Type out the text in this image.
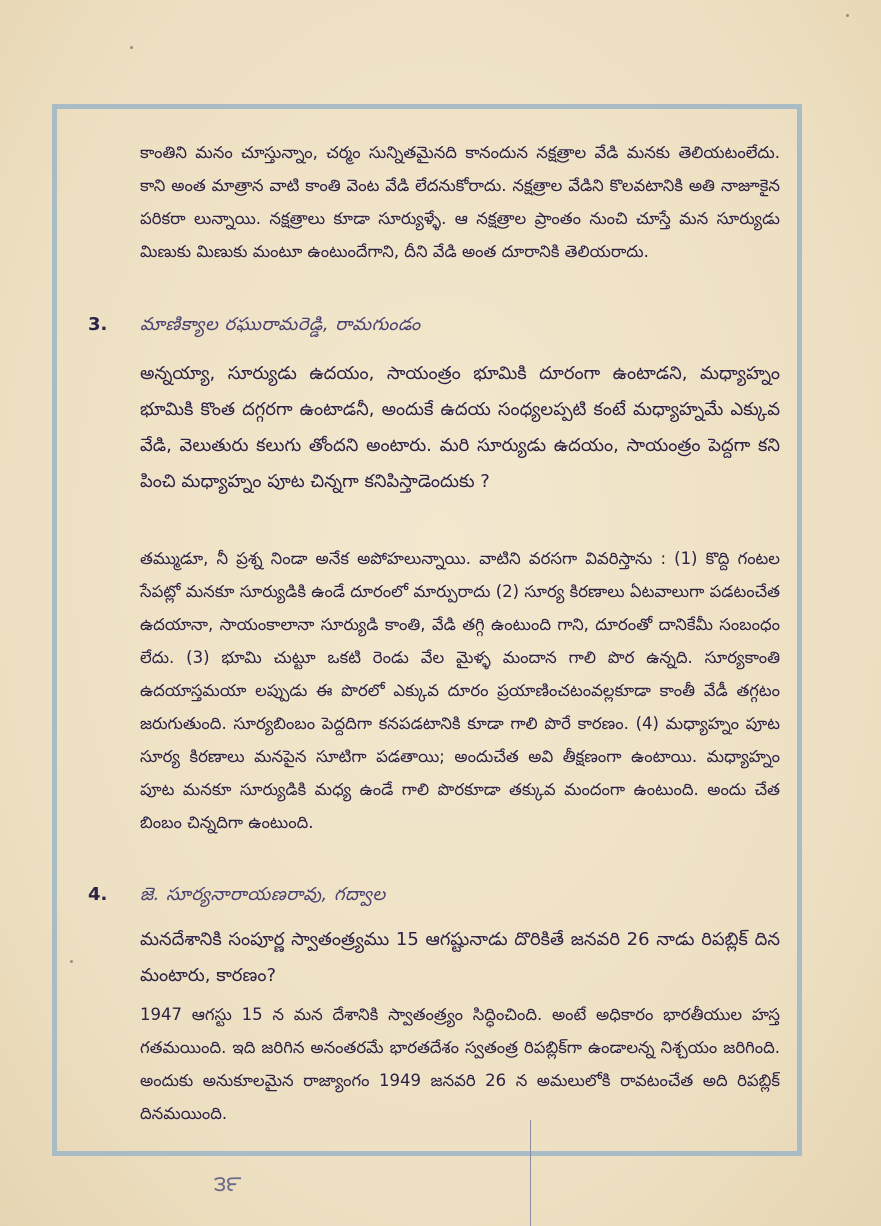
కాంతిని మనం చూస్తున్నాం, చర్మం సున్నితమైనది కానందున నక్షత్రాల వేడి మనకు తెలియటంలేదు. కాని అంత మాత్రాన వాటి కాంతి వెంట వేడి లేదనుకోరాదు. నక్షత్రాల వేడిని కొలవటానికి అతి నాజూకైన పరికరా లున్నాయి. నక్షత్రాలు కూడా సూర్యుళ్ళే. ఆ నక్షత్రాల ప్రాంతం నుంచి చూస్తే మన సూర్యుడు మిణుకు మిణుకు మంటూ ఉంటుందేగాని, దీని వేడి అంత దూరానికి తెలియరాదు.

3. మాణిక్యాల రఘురామరెడ్డి, రామగుండం

అన్నయ్యా, సూర్యుడు ఉదయం, సాయంత్రం భూమికి దూరంగా ఉంటాడని, మధ్యాహ్నం భూమికి కొంత దగ్గరగా ఉంటాడనీ, అందుకే ఉదయ సంధ్యలప్పటి కంటే మధ్యాహ్నమే ఎక్కువ వేడి, వెలుతురు కలుగు తోందని అంటారు. మరి సూర్యుడు ఉదయం, సాయంత్రం పెద్దగా కని పించి మధ్యాహ్నం పూట చిన్నగా కనిపిస్తాడెందుకు ?

తమ్ముడూ, నీ ప్రశ్న నిండా అనేక అపోహలున్నాయి. వాటిని వరసగా వివరిస్తాను : (1) కొద్ది గంటల సేపట్లో మనకూ సూర్యుడికి ఉండే దూరంలో మార్పురాదు (2) సూర్య కిరణాలు ఏటవాలుగా పడటంచేత ఉదయానా, సాయంకాలానా సూర్యుడి కాంతి, వేడి తగ్గి ఉంటుంది గాని, దూరంతో దానికేమీ సంబంధం లేదు. (3) భూమి చుట్టూ ఒకటి రెండు వేల మైళ్ళ మందాన గాలి పొర ఉన్నది. సూర్యకాంతి ఉదయాస్తమయా లప్పుడు ఈ పొరలో ఎక్కువ దూరం ప్రయాణించటంవల్లకూడా కాంతీ వేడీ తగ్గటం జరుగుతుంది. సూర్యబింబం పెద్దదిగా కనపడటానికి కూడా గాలి పొరే కారణం. (4) మధ్యాహ్నం పూట సూర్య కిరణాలు మనపైన సూటిగా పడతాయి; అందుచేత అవి తీక్షణంగా ఉంటాయి. మధ్యాహ్నం పూట మనకూ సూర్యుడికి మధ్య ఉండే గాలి పొరకూడా తక్కువ మందంగా ఉంటుంది. అందు చేత బింబం చిన్నదిగా ఉంటుంది.

4. జె. సూర్యనారాయణరావు, గద్వాల

మనదేశానికి సంపూర్ణ స్వాతంత్ర్యము 15 ఆగష్టునాడు దొరికితే జనవరి 26 నాడు రిపబ్లిక్ దిన మంటారు, కారణం?

1947 ఆగస్టు 15 న మన దేశానికి స్వాతంత్ర్యం సిద్ధించింది. అంటే అధికారం భారతీయుల హస్త గతమయింది. ఇది జరిగిన అనంతరమే భారతదేశం స్వతంత్ర రిపబ్లిక్‌గా ఉండాలన్న నిశ్చయం జరిగింది. అందుకు అనుకూలమైన రాజ్యాంగం 1949 జనవరి 26 న అమలులోకి రావటంచేత అది రిపబ్లిక్ దినమయింది.

౩౯
